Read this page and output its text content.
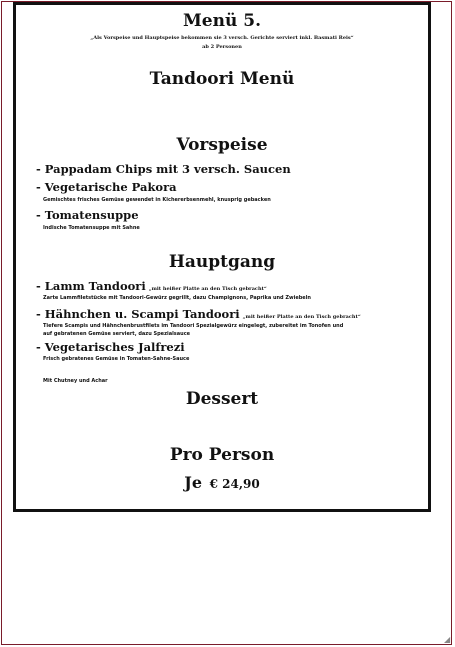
Menü 5.
„Als Vorspeise und Hauptspeise bekommen sie 3 versch. Gerichte serviert inkl. Basmati Reis“
ab 2 Personen
Tandoori Menü
Vorspeise
- Pappadam Chips mit 3 versch. Saucen
- Vegetarische Pakora
Gemischtes frisches Gemüse gewendet in Kichererbsenmehl, knusprig gebacken
- Tomatensuppe
Indische Tomatensuppe mit Sahne
Hauptgang
- Lamm Tandoori „mit heißer Platte an den Tisch gebracht“
Zarte Lammfiletstücke mit Tandoori-Gewürz gegrillt, dazu Champignons, Paprika und Zwiebeln
- Hähnchen u. Scampi Tandoori „mit heißer Platte an den Tisch gebracht“
Tiefere Scampis und Hähnchenbrustfilets im Tandoori Spezialgewürz eingelegt, zubereitet im Tonofen und
auf gebratenen Gemüse serviert, dazu Spezialsauce
- Vegetarisches Jalfrezi
Frisch gebratenes Gemüse in Tomaten-Sahne-Sauce
Mit Chutney und Achar
Dessert
Pro Person
Je € 24,90
◢
